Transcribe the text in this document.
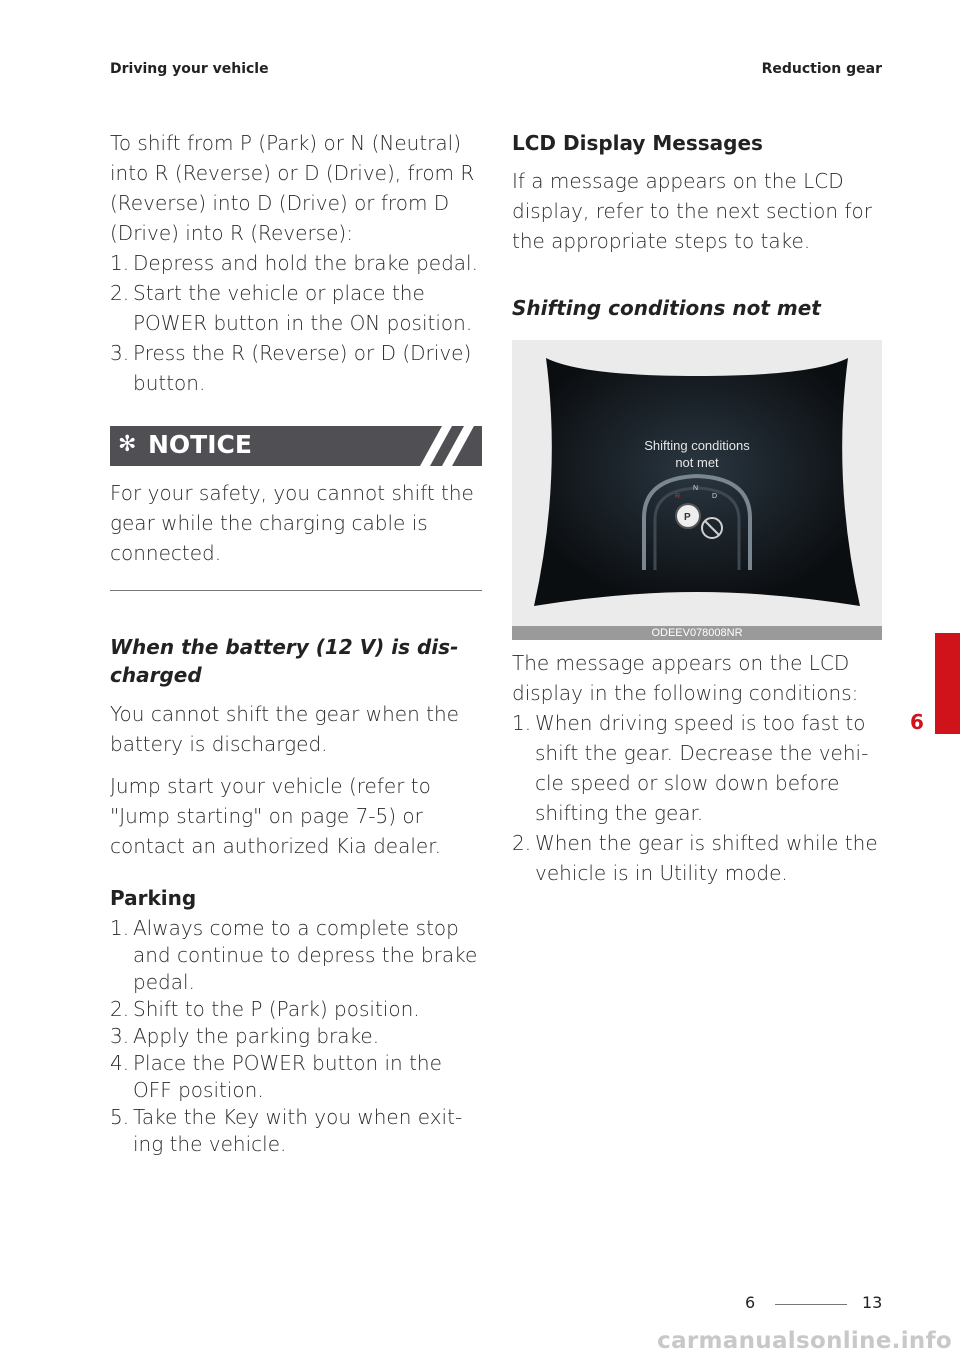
Driving your vehicle	Reduction gear

To shift from P (Park) or N (Neutral) into R (Reverse) or D (Drive), from R (Reverse) into D (Drive) or from D (Drive) into R (Reverse):

1. Depress and hold the brake pedal.
2. Start the vehicle or place the POWER button in the ON position.
3. Press the R (Reverse) or D (Drive) button.
✻ NOTICE

For your safety, you cannot shift the gear while the charging cable is connected.

When the battery (12 V) is dis-

charged

You cannot shift the gear when the battery is discharged.

Jump start your vehicle (refer to "Jump starting" on page 7-5) or contact an authorized Kia dealer.

Parking

1. Always come to a complete stop and continue to depress the brake pedal.
2. Shift to the P (Park) position.
3. Apply the parking brake.
4. Place the POWER button in the OFF position.
5. Take the Key with you when exit-ing the vehicle.

LCD Display Messages

If a message appears on the LCD display, refer to the next section for the appropriate steps to take.

Shifting conditions not met

R
N
D
P
Shifting conditions
not met
ODEEV078008NR

The message appears on the LCD display in the following conditions:

1. When driving speed is too fast to shift the gear. Decrease the vehi-cle speed or slow down before shifting the gear.
2. When the gear is shifted while the vehicle is in Utility mode.
6
6	13
carmanualsonline.info
